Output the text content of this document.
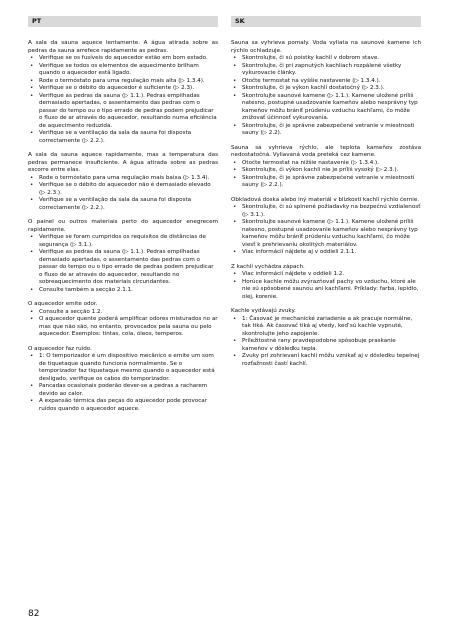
PT	SK

A sala da sauna aquece lentamente. A água atirada sobre as pedras da sauna arrefece rapidamente as pedras.

• Verifique se os fusíveis do aquecedor estão em bom estado.
• Verifique se todos os elementos de aquecimento brilham quando o aquecedor está ligado.
• Rode o termóstato para uma regulação mais alta (▷ 1.3.4).
• Verifique se o débito do aquecedor é suficiente (▷ 2.3).
• Verifique as pedras da sauna (▷ 1.1.). Pedras empilhadas demasiado apertadas, o assentamento das pedras com o passar do tempo ou o tipo errado de pedras podem prejudicar o fluxo de ar através do aquecedor, resultando numa eficiência de aquecimento reduzida.
• Verifique se a ventilação da sala da sauna foi disposta correctamente (▷ 2.2.).

A sala da sauna aquece rapidamente, mas a temperatura das pedras permanece insuficiente. A água atirada sobre as pedras escorre entre elas.

• Rode o termóstato para uma regulação mais baixa (▷ 1.3.4).
• Verifique se o débito do aquecedor não é demasiado elevado (▷ 2.3.).
• Verifique se a ventilação da sala da sauna foi disposta correctamente (▷ 2.2.).

O painel ou outros materiais perto do aquecedor enegrecem rapidamente.

• Verifique se foram cumpridos os requisitos de distâncias de segurança (▷ 3.1.).
• Verifique as pedras da sauna (▷ 1.1.). Pedras empilhadas demasiado apertadas, o assentamento das pedras com o passar do tempo ou o tipo errado de pedras podem prejudicar o fluxo de ar através do aquecedor, resultando no sobreaquecimento dos materiais circundantes.
• Consulte também a secção 2.1.1.

O aquecedor emite odor.

• Consulte a secção 1.2.
• O aquecedor quente poderá amplificar odores misturados no ar mas que não são, no entanto, provocados pela sauna ou pelo aquecedor. Exemplos: tintas, cola, óleos, temperos.

O aquecedor faz ruído.

• 1: O temporizador é um dispositivo mecânico e emite um som de tiquetaque quando funciona normalmente. Se o temporizador faz tiquetaque mesmo quando o aquecedor está desligado, verifique os cabos do temporizador.
• Pancadas ocasionais poderão dever-se a pedras a racharem devido ao calor.
• A expansão térmica das peças do aquecedor pode provocar ruídos quando o aquecedor aquece.

Sauna sa vyhrieva pomaly. Voda vyliata na saunové kamene ich rýchlo ochladzuje.

• Skontrolujte, či sú poistky kachlí v dobrom stave.
• Skontrolujte, či pri zapnutých kachliach rozpálené všetky vykurovacie články.
• Otočte termostat na vyššie nastavenie (▷ 1.3.4.).
• Skontrolujte, či je výkon kachlí dostatočný (▷ 2.3.).
• Skontrolujte saunové kamene (▷ 1.1.). Kamene uložené príliš natesno, postupné usadzovanie kameňov alebo nesprávny typ kameňov môžu brániť prúdeniu vzduchu kachľami, čo môže znižovať účinnosť vykurovania.
• Skontrolujte, či je správne zabezpečené vetranie v miestnosti sauny (▷ 2.2).

Sauna sa vyhrieva rýchlo, ale teplota kameňov zostáva nedostatočná. Vyliavaná voda preteká cez kamene.

• Otočte termostat na nižšie nastavenie (▷ 1.3.4.).
• Skontrolujte, či výkon kachlí nie je príliš vysoký (▷ 2.3.).
• Skontrolujte, či je správne zabezpečené vetranie v miestnosti sauny (▷ 2.2.).

Obkladová doska alebo iný materiál v blízkosti kachlí rýchlo černie.

• Skontrolujte, či sú splnené požiadavky na bezpečnú vzdialenosť (▷ 3.1.).
• Skontrolujte saunové kamene (▷ 1.1.). Kamene uložené príliš natesno, postupné usadzovanie kameňov alebo nesprávny typ kameňov môžu brániť prúdeniu vzduchu kachľami, čo môže viesť k prehrievaniu okolitých materiálov.
• Viac informácií nájdete aj v oddieli 2.1.1.

Z kachlí vychádza zápach.

• Viac informácií nájdete v oddieli 1.2.
• Horúce kachle môžu zvýrazňovať pachy vo vzduchu, ktoré ale nie sú spôsobené saunou ani kachľami. Príklady: farba, lepidlo, olej, korenie.

Kachle vydávajú zvuky.

• 1: Časovač je mechanické zariadenie a ak pracuje normálne, tak tiká. Ak časovač tiká aj vtedy, keď sú kachle vypnuté, skontrolujte jeho zapojenie.
• Príležitostné rany pravdepodobne spôsobuje praskanie kameňov v dôsledku tepla.
• Zvuky pri zohrievaní kachlí môžu vznikať aj v dôsledku tepelnej rozťažnosti častí kachlí.
82
